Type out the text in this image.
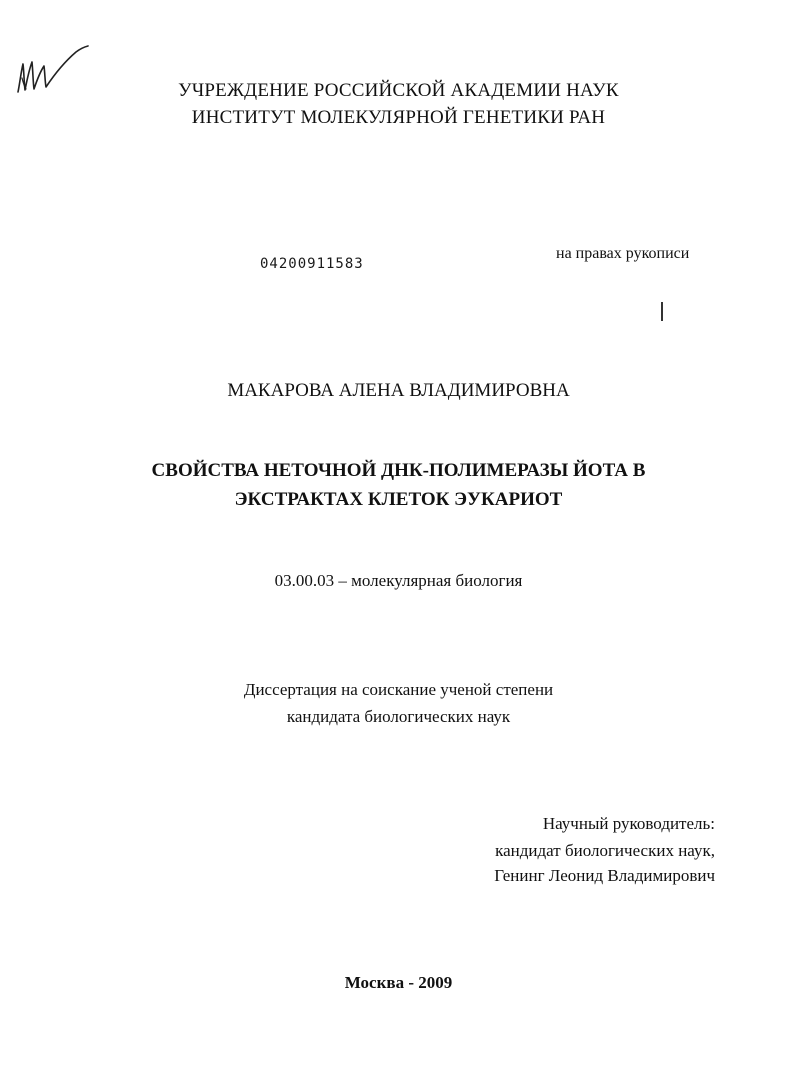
УЧРЕЖДЕНИЕ РОССИЙСКОЙ АКАДЕМИИ НАУК
ИНСТИТУТ МОЛЕКУЛЯРНОЙ ГЕНЕТИКИ РАН
04200911583
на правах рукописи
МАКАРОВА АЛЕНА ВЛАДИМИРОВНА
СВОЙСТВА НЕТОЧНОЙ ДНК-ПОЛИМЕРАЗЫ ЙОТА В
ЭКСТРАКТАХ КЛЕТОК ЭУКАРИОТ
03.00.03 – молекулярная биология
Диссертация на соискание ученой степени
кандидата биологических наук
Научный руководитель:
кандидат биологических наук,
Генинг Леонид Владимирович
Москва - 2009
